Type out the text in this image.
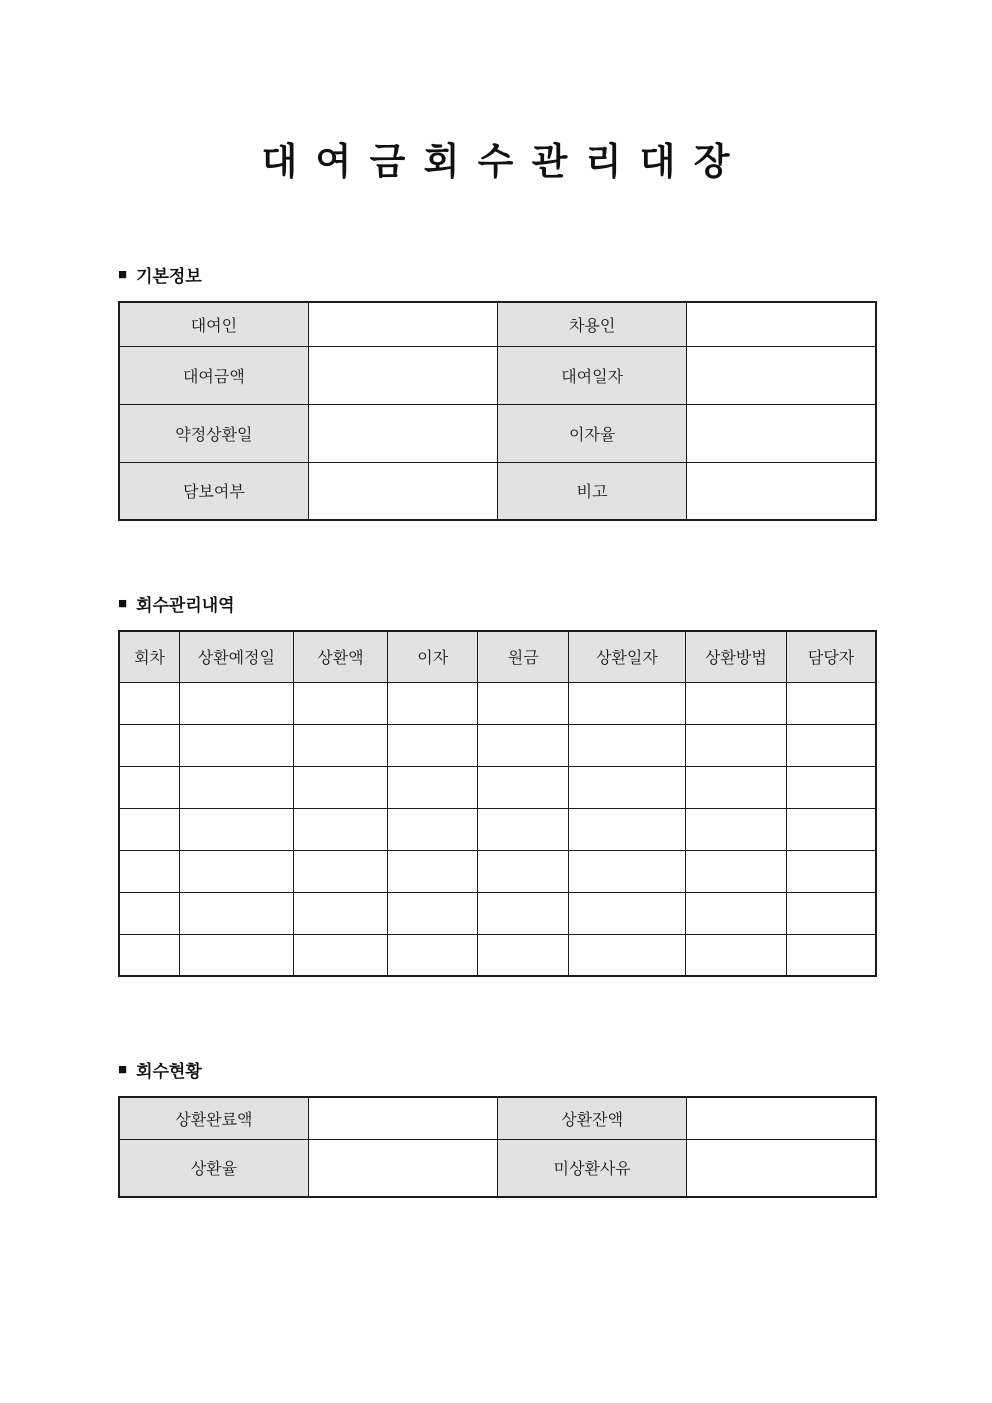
대 여 금 회 수 관 리 대 장
■ 기본정보
대여인		차용인	
대여금액		대여일자	
약정상환일		이자율	
담보여부		비고	
■ 회수관리내역
회차	상환예정일	상환액	이자	원금	상환일자	상환방법	담당자

■ 회수현황
상환완료액		상환잔액	
상환율		미상환사유	
